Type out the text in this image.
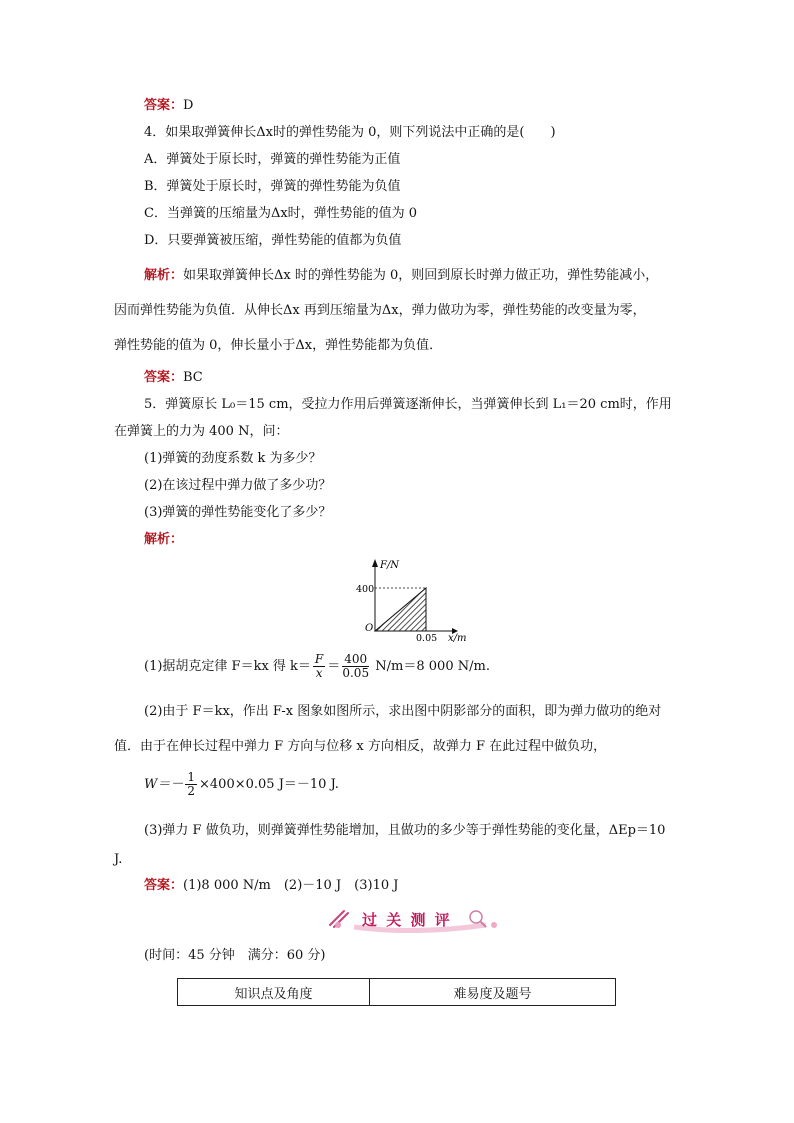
答案：D
4．如果取弹簧伸长Δx时的弹性势能为 0，则下列说法中正确的是(　　)
A．弹簧处于原长时，弹簧的弹性势能为正值
B．弹簧处于原长时，弹簧的弹性势能为负值
C．当弹簧的压缩量为Δx时，弹性势能的值为 0
D．只要弹簧被压缩，弹性势能的值都为负值
解析：如果取弹簧伸长Δx 时的弹性势能为 0，则回到原长时弹力做正功，弹性势能减小，
因而弹性势能为负值．从伸长Δx 再到压缩量为Δx，弹力做功为零，弹性势能的改变量为零，
弹性势能的值为 0，伸长量小于Δx，弹性势能都为负值．
答案：BC
5．弹簧原长 L₀＝15 cm，受拉力作用后弹簧逐渐伸长，当弹簧伸长到 L₁＝20 cm时，作用
在弹簧上的力为 400 N，问：
(1)弹簧的劲度系数 k 为多少？
(2)在该过程中弹力做了多少功？
(3)弹簧的弹性势能变化了多少？
解析：
F/N
x/m
O
400
0.05
(1)据胡克定律 F＝kx 得 $k= \frac{F}{x} = \frac{400}{0.05} N/m=8$ 000 N/m.
(2)由于 F＝kx，作出 F-x 图象如图所示，求出图中阴影部分的面积，即为弹力做功的绝对
值．由于在伸长过程中弹力 F 方向与位移 x 方向相反，故弹力 F 在此过程中做负功，
$W=- \frac{1}{2} \times 400\times 0.05$ J＝－10 J.
(3)弹力 F 做负功，则弹簧弹性势能增加，且做功的多少等于弹性势能的变化量，ΔEp＝10
J.
答案：(1)8 000 N/m　(2)－10 J　(3)10 J
过 关 测 评
(时间：45 分钟　满分：60 分)
知识点及角度	难易度及题号
